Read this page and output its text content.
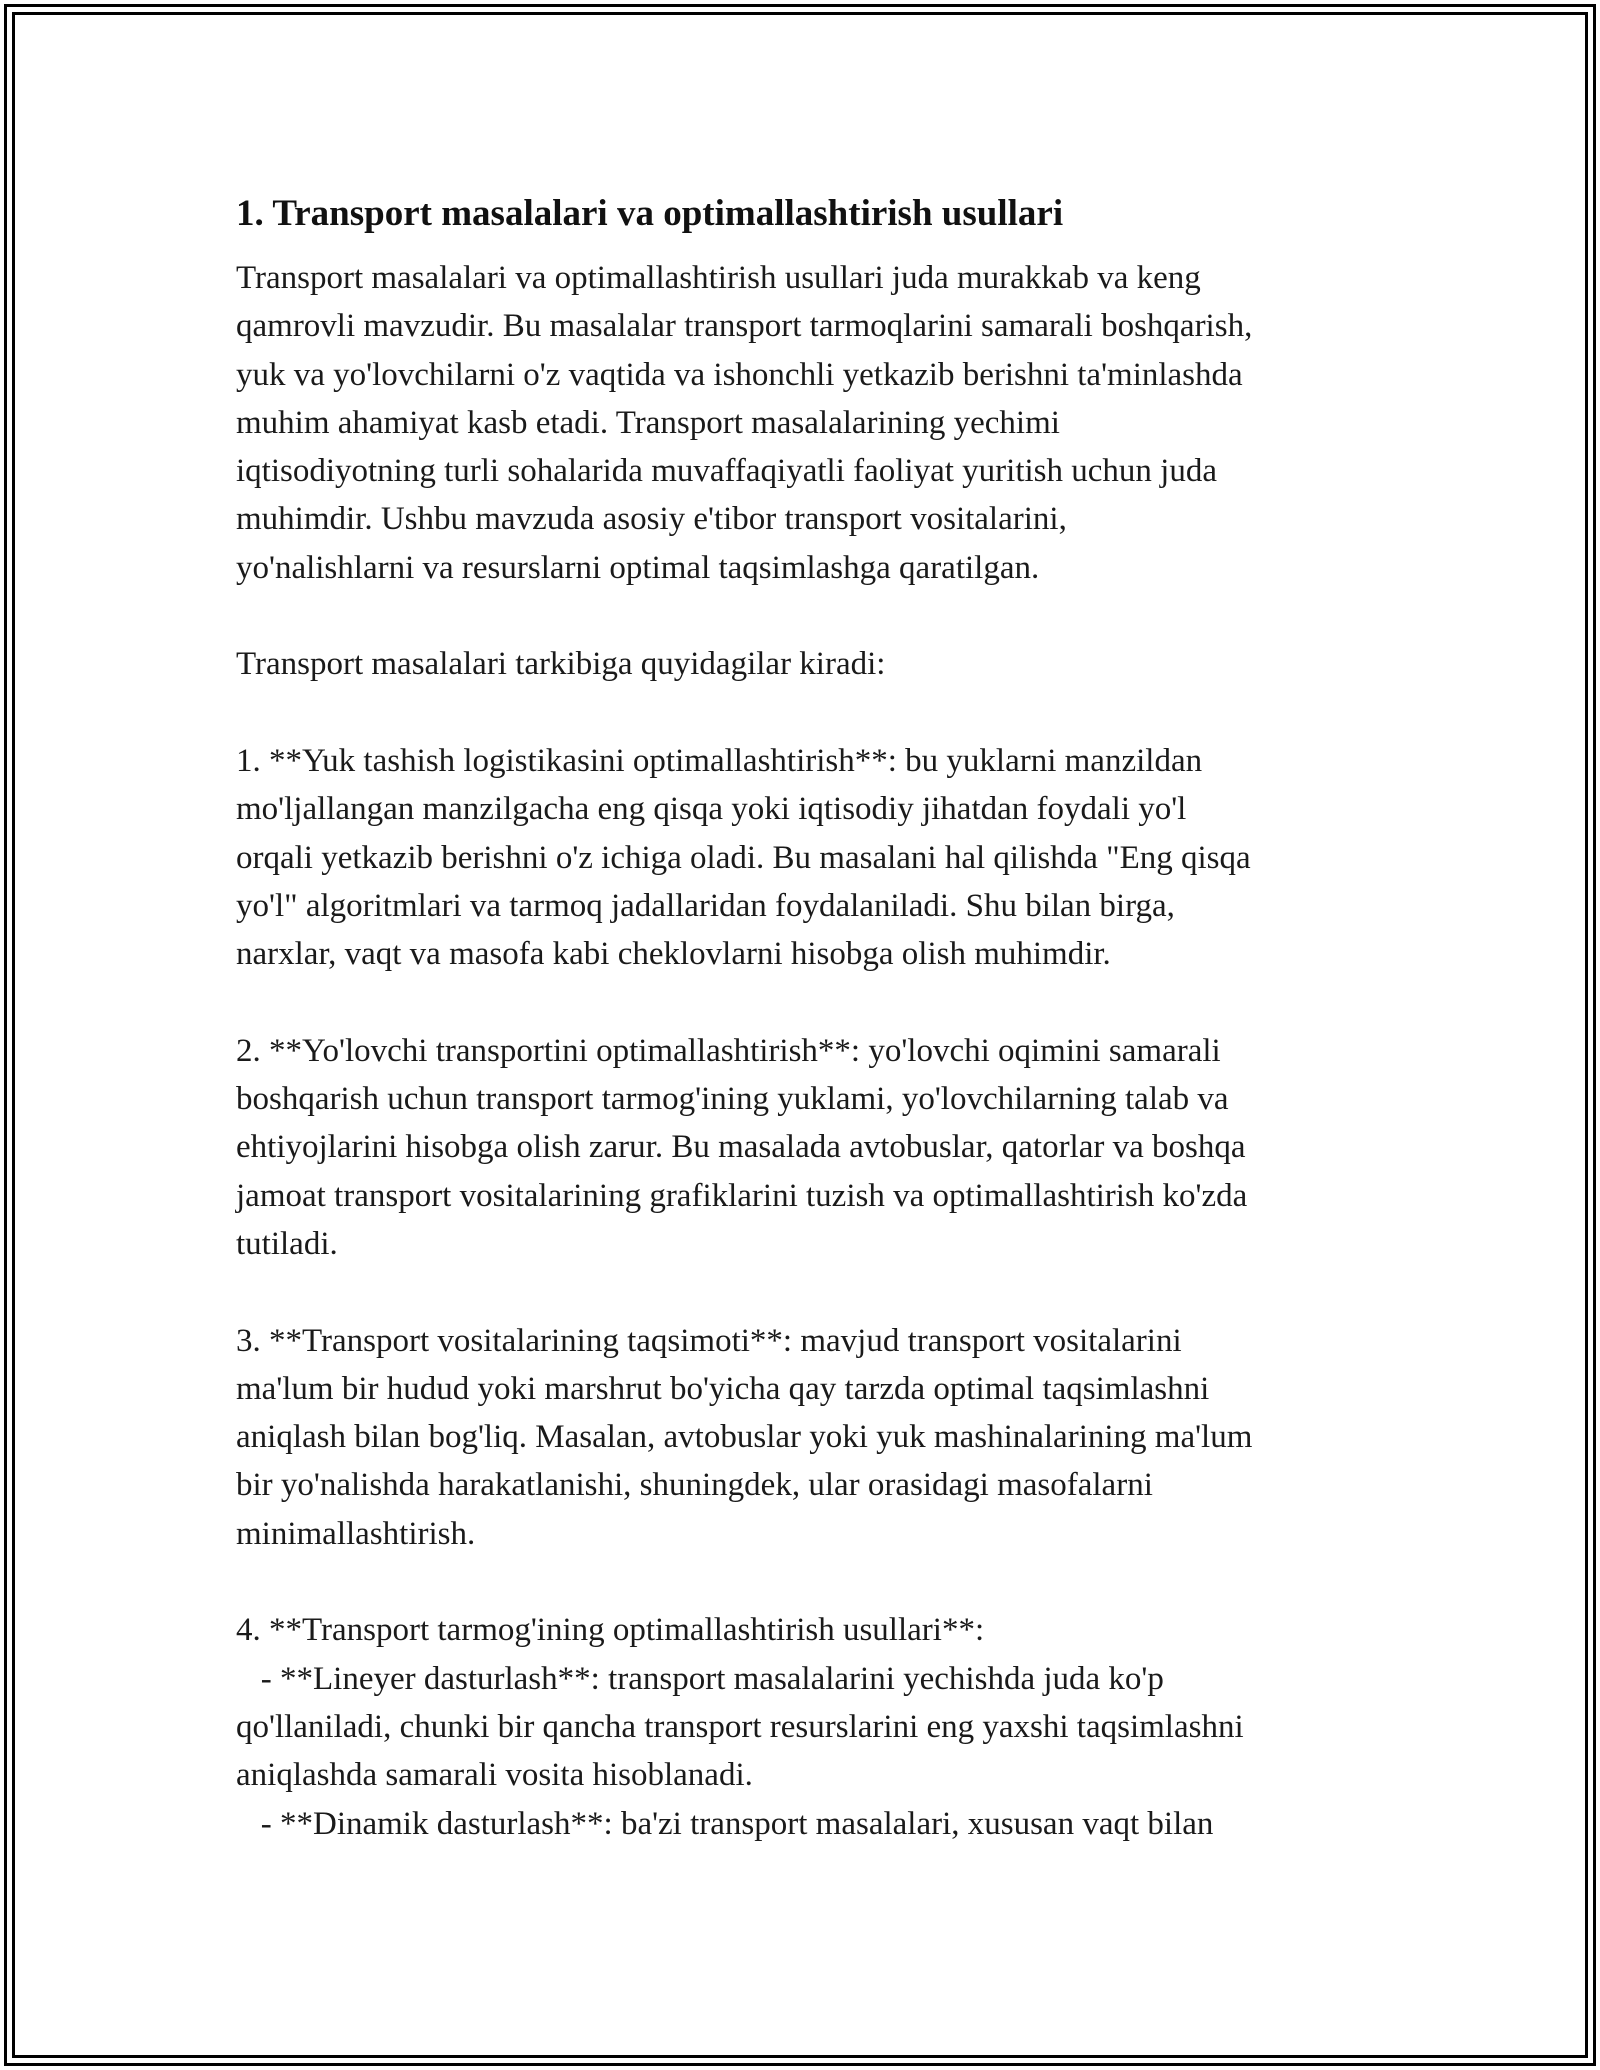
1. Transport masalalari va optimallashtirish usullari
Transport masalalari va optimallashtirish usullari juda murakkab va keng
qamrovli mavzudir. Bu masalalar transport tarmoqlarini samarali boshqarish,
yuk va yo'lovchilarni o'z vaqtida va ishonchli yetkazib berishni ta'minlashda
muhim ahamiyat kasb etadi. Transport masalalarining yechimi
iqtisodiyotning turli sohalarida muvaffaqiyatli faoliyat yuritish uchun juda
muhimdir. Ushbu mavzuda asosiy e'tibor transport vositalarini,
yo'nalishlarni va resurslarni optimal taqsimlashga qaratilgan.
Transport masalalari tarkibiga quyidagilar kiradi:
1. **Yuk tashish logistikasini optimallashtirish**: bu yuklarni manzildan
mo'ljallangan manzilgacha eng qisqa yoki iqtisodiy jihatdan foydali yo'l
orqali yetkazib berishni o'z ichiga oladi. Bu masalani hal qilishda "Eng qisqa
yo'l" algoritmlari va tarmoq jadallaridan foydalaniladi. Shu bilan birga,
narxlar, vaqt va masofa kabi cheklovlarni hisobga olish muhimdir.
2. **Yo'lovchi transportini optimallashtirish**: yo'lovchi oqimini samarali
boshqarish uchun transport tarmog'ining yuklami, yo'lovchilarning talab va
ehtiyojlarini hisobga olish zarur. Bu masalada avtobuslar, qatorlar va boshqa
jamoat transport vositalarining grafiklarini tuzish va optimallashtirish ko'zda
tutiladi.
3. **Transport vositalarining taqsimoti**: mavjud transport vositalarini
ma'lum bir hudud yoki marshrut bo'yicha qay tarzda optimal taqsimlashni
aniqlash bilan bog'liq. Masalan, avtobuslar yoki yuk mashinalarining ma'lum
bir yo'nalishda harakatlanishi, shuningdek, ular orasidagi masofalarni
minimallashtirish.
4. **Transport tarmog'ining optimallashtirish usullari**:
- **Lineyer dasturlash**: transport masalalarini yechishda juda ko'p
qo'llaniladi, chunki bir qancha transport resurslarini eng yaxshi taqsimlashni
aniqlashda samarali vosita hisoblanadi.
- **Dinamik dasturlash**: ba'zi transport masalalari, xususan vaqt bilan
